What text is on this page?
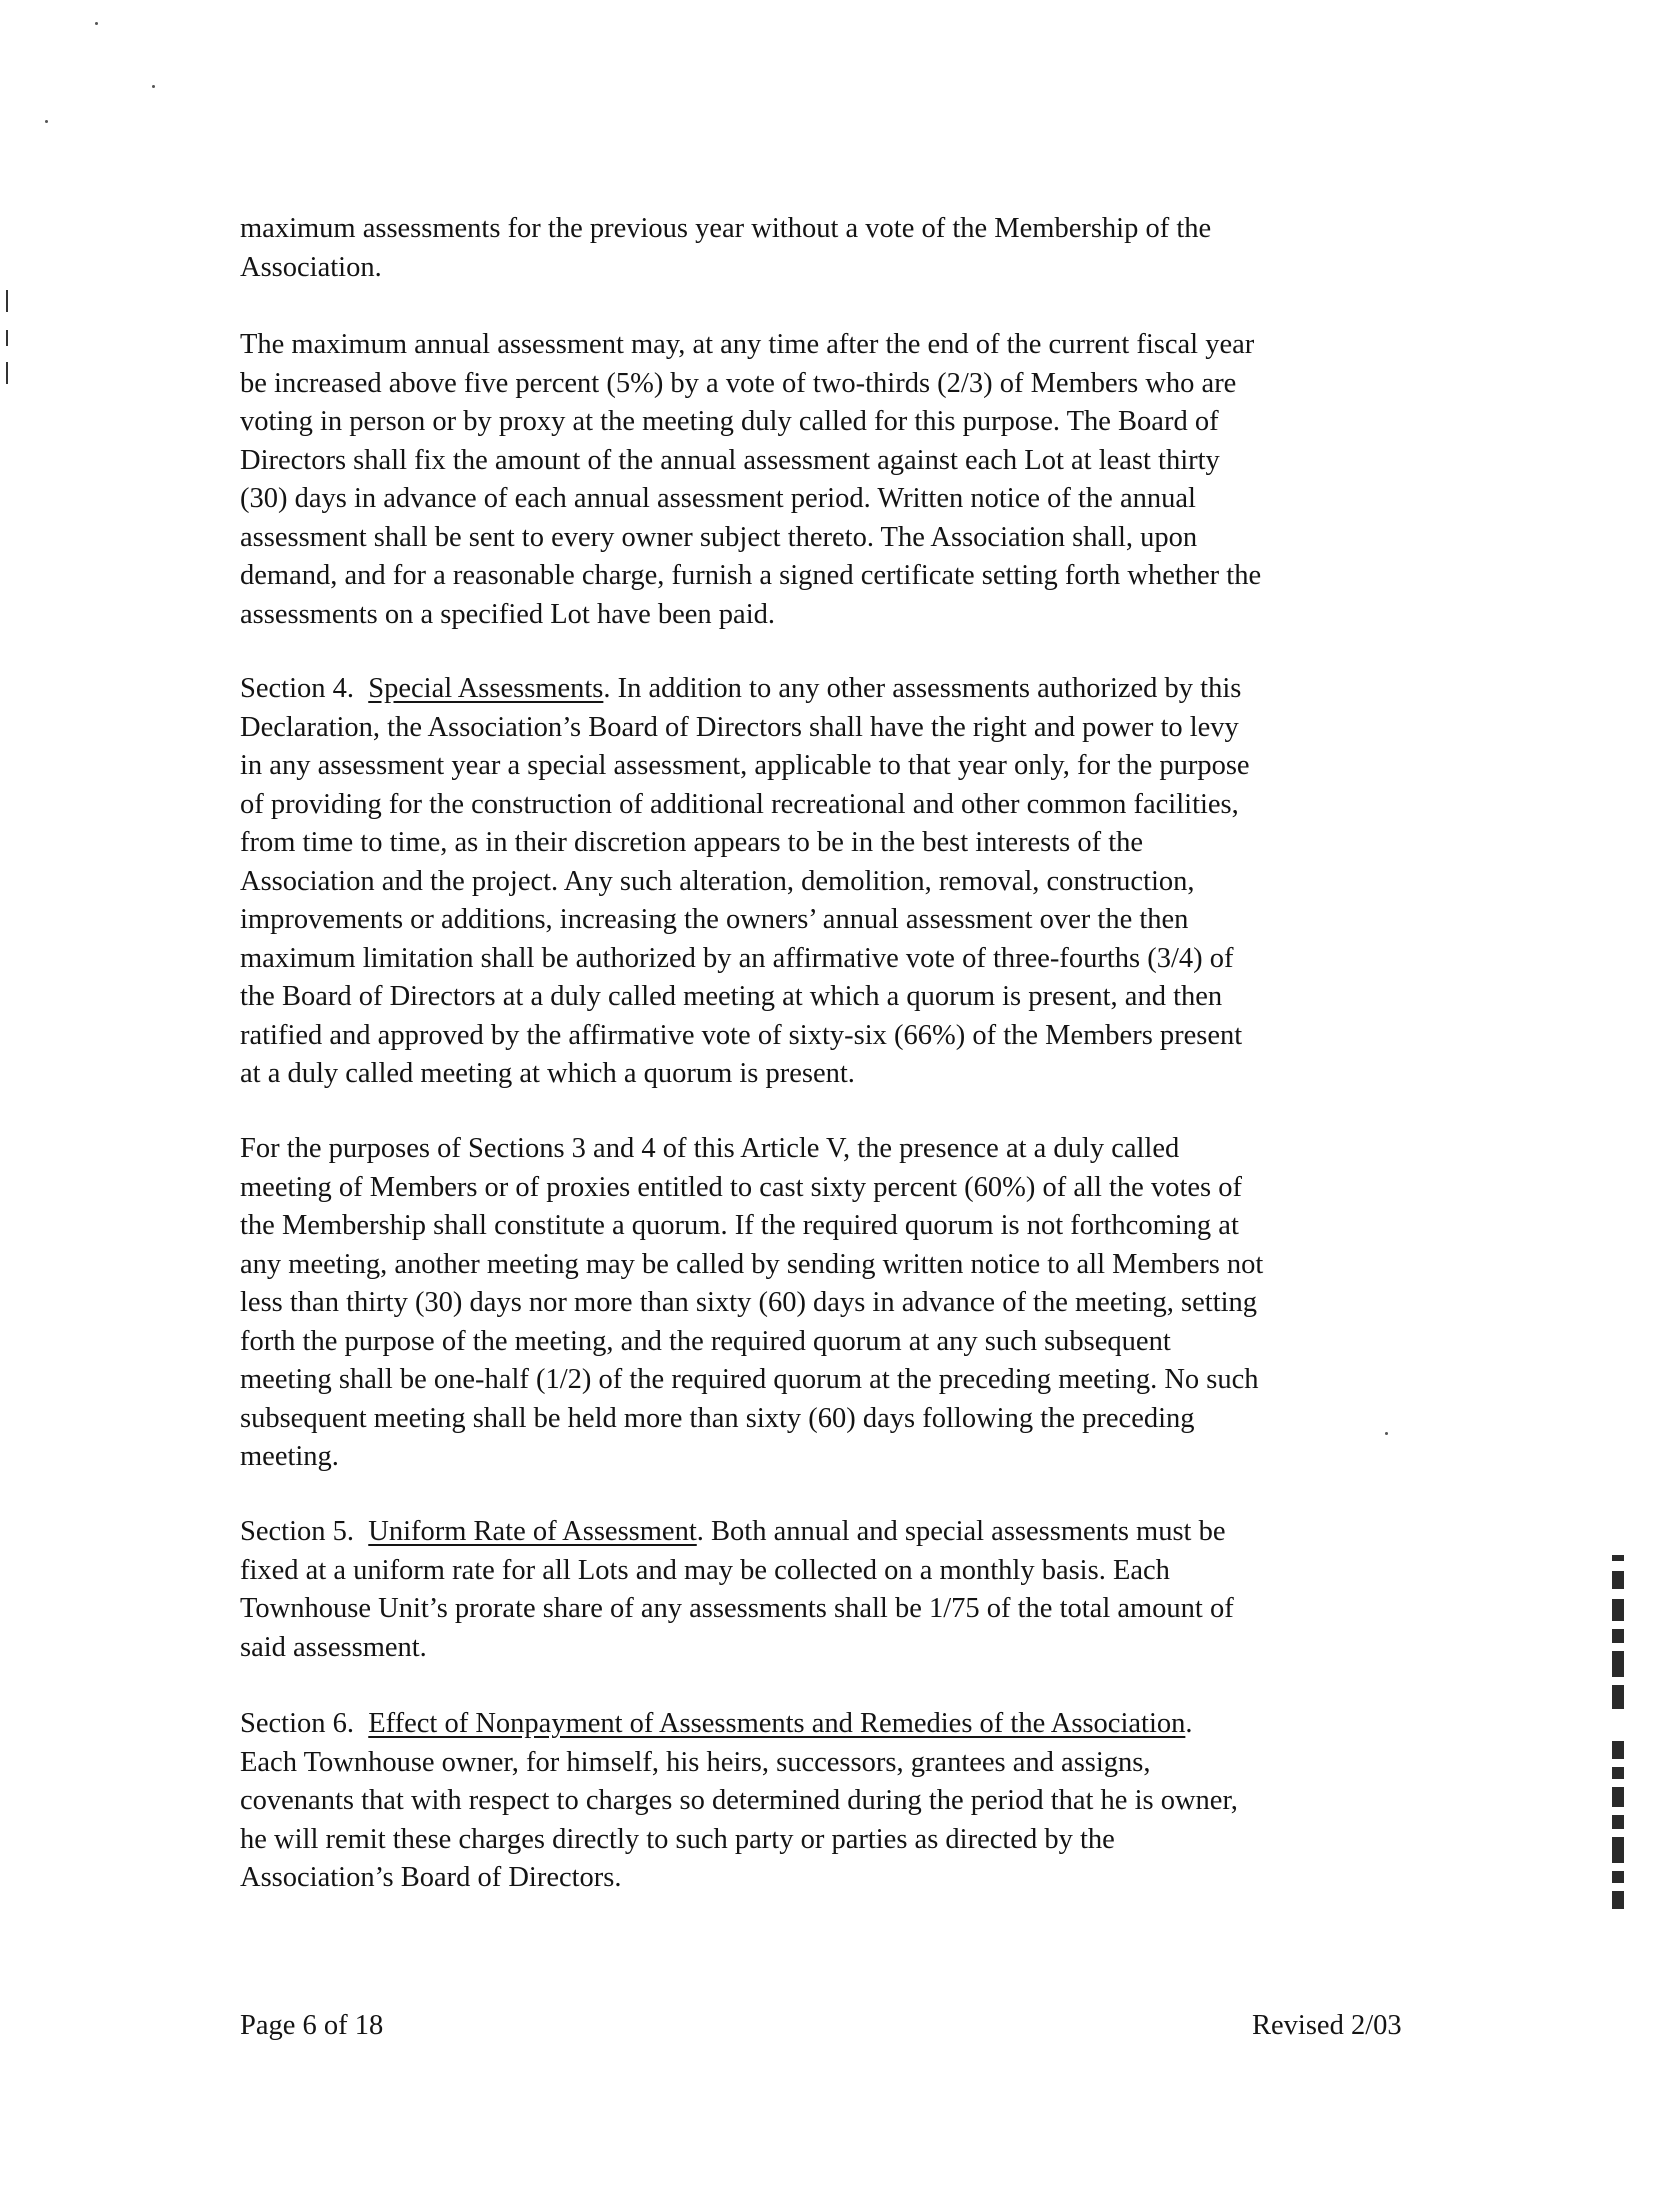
maximum assessments for the previous year without a vote of the Membership of the
Association.
The maximum annual assessment may, at any time after the end of the current fiscal year
be increased above five percent (5%) by a vote of two-thirds (2/3) of Members who are
voting in person or by proxy at the meeting duly called for this purpose. The Board of
Directors shall fix the amount of the annual assessment against each Lot at least thirty
(30) days in advance of each annual assessment period. Written notice of the annual
assessment shall be sent to every owner subject thereto. The Association shall, upon
demand, and for a reasonable charge, furnish a signed certificate setting forth whether the
assessments on a specified Lot have been paid.
Section 4. Special Assessments. In addition to any other assessments authorized by this
Declaration, the Association’s Board of Directors shall have the right and power to levy
in any assessment year a special assessment, applicable to that year only, for the purpose
of providing for the construction of additional recreational and other common facilities,
from time to time, as in their discretion appears to be in the best interests of the
Association and the project. Any such alteration, demolition, removal, construction,
improvements or additions, increasing the owners’ annual assessment over the then
maximum limitation shall be authorized by an affirmative vote of three-fourths (3/4) of
the Board of Directors at a duly called meeting at which a quorum is present, and then
ratified and approved by the affirmative vote of sixty-six (66%) of the Members present
at a duly called meeting at which a quorum is present.
For the purposes of Sections 3 and 4 of this Article V, the presence at a duly called
meeting of Members or of proxies entitled to cast sixty percent (60%) of all the votes of
the Membership shall constitute a quorum. If the required quorum is not forthcoming at
any meeting, another meeting may be called by sending written notice to all Members not
less than thirty (30) days nor more than sixty (60) days in advance of the meeting, setting
forth the purpose of the meeting, and the required quorum at any such subsequent
meeting shall be one-half (1/2) of the required quorum at the preceding meeting. No such
subsequent meeting shall be held more than sixty (60) days following the preceding
meeting.
Section 5. Uniform Rate of Assessment. Both annual and special assessments must be
fixed at a uniform rate for all Lots and may be collected on a monthly basis. Each
Townhouse Unit’s prorate share of any assessments shall be 1/75 of the total amount of
said assessment.
Section 6. Effect of Nonpayment of Assessments and Remedies of the Association.
Each Townhouse owner, for himself, his heirs, successors, grantees and assigns,
covenants that with respect to charges so determined during the period that he is owner,
he will remit these charges directly to such party or parties as directed by the
Association’s Board of Directors.
Page 6 of 18	Revised 2/03
